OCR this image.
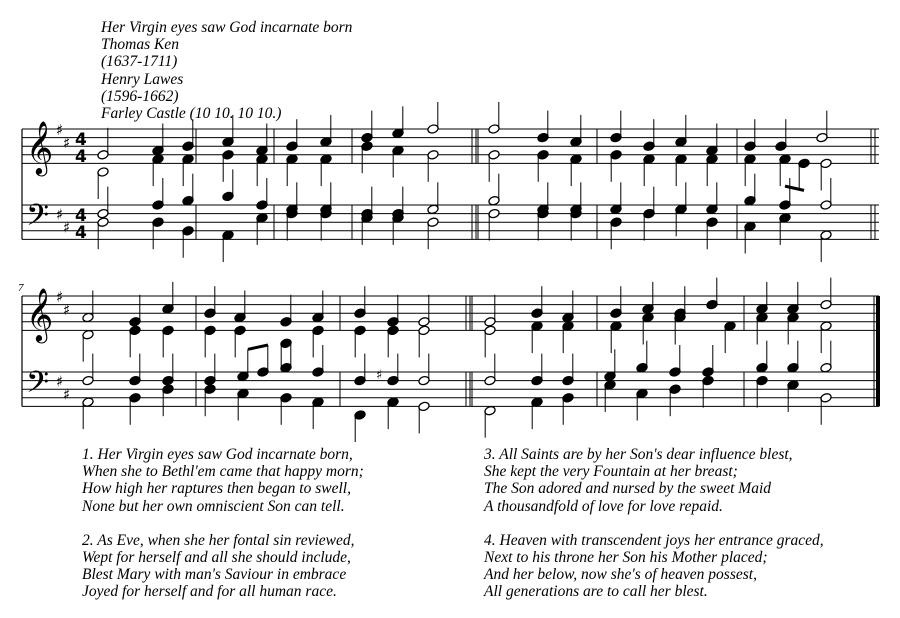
Her Virgin eyes saw God incarnate born
Thomas Ken
(1637-1711)
Henry Lawes
(1596-1662)
Farley Castle (10 10. 10 10.)
𝄞
𝄢
♯
♯
♯
♯
4
4
4
4
𝄞
𝄢
♯
♯
♯
♯
7
♯
1. Her Virgin eyes saw God incarnate born,
When she to Bethl'em came that happy morn;
How high her raptures then began to swell,
None but her own omniscient Son can tell.
2. As Eve, when she her fontal sin reviewed,
Wept for herself and all she should include,
Blest Mary with man's Saviour in embrace
Joyed for herself and for all human race.
3. All Saints are by her Son's dear influence blest,
She kept the very Fountain at her breast;
The Son adored and nursed by the sweet Maid
A thousandfold of love for love repaid.
4. Heaven with transcendent joys her entrance graced,
Next to his throne her Son his Mother placed;
And her below, now she's of heaven possest,
All generations are to call her blest.
